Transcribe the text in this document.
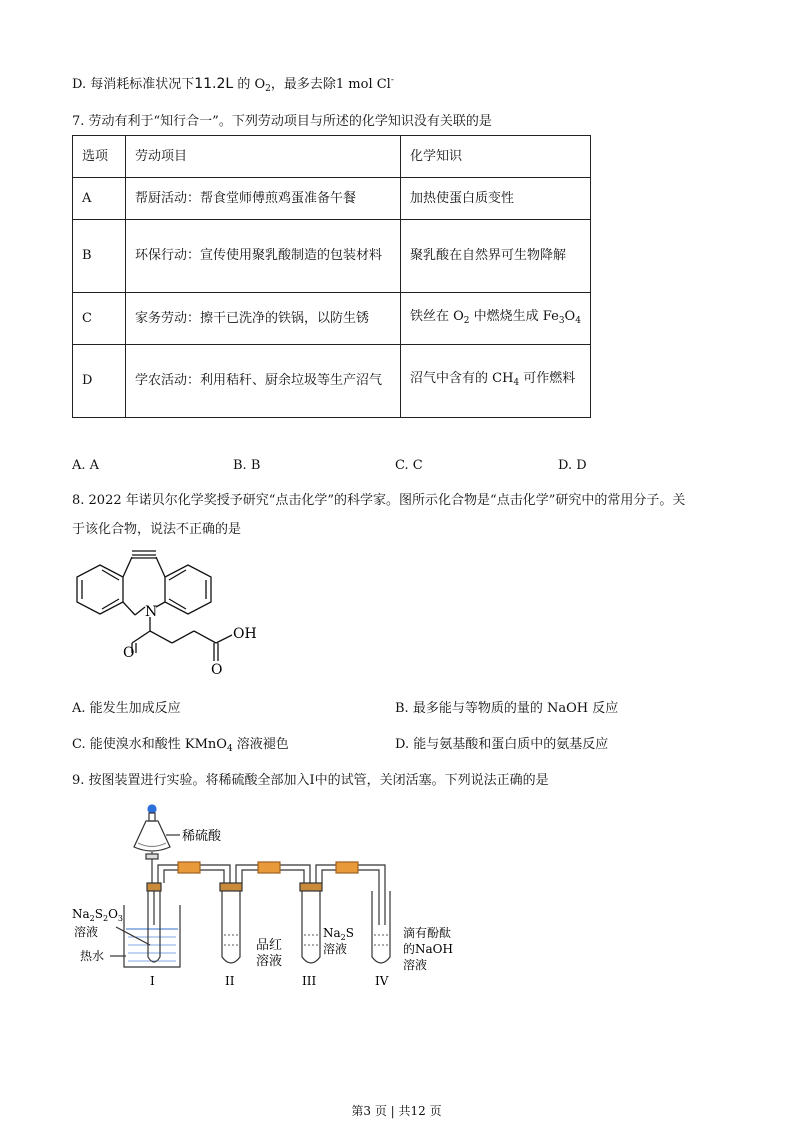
D. 每消耗标准状况下11.2L 的 $O_2$，最多去除1 mol Cl-
7. 劳动有利于“知行合一”。下列劳动项目与所述的化学知识没有关联的是
选项	劳动项目	化学知识
A	帮厨活动：帮食堂师傅煎鸡蛋准备午餐	加热使蛋白质变性
B	环保行动：宣传使用聚乳酸制造的包装材料	聚乳酸在自然界可生物降解
C	家务劳动：擦干已洗净的铁锅，以防生锈	铁丝在 $O_2$ 中燃烧生成 $Fe_3O_4$
D	学农活动：利用秸秆、厨余垃圾等生产沼气	沼气中含有的 $CH_4$ 可作燃料
A. A	B. B	C. C	D. D
8. 2022 年诺贝尔化学奖授予研究“点击化学”的科学家。图所示化合物是“点击化学”研究中的常用分子。关
于该化合物，说法不正确的是
N
OH
O
O
A. 能发生加成反应	B. 最多能与等物质的量的 NaOH 反应
C. 能使溴水和酸性 KMnO$_4$ 溶液褪色	D. 能与氨基酸和蛋白质中的氨基反应
9. 按图装置进行实验。将稀硫酸全部加入Ⅰ中的试管，关闭活塞。下列说法正确的是
稀硫酸
$Na_2S_2O_3$
溶液
热水
品红
溶液
$Na_2S$
溶液
滴有酚酞
的NaOH
溶液
I	II	III	IV
第3 页 | 共12 页
